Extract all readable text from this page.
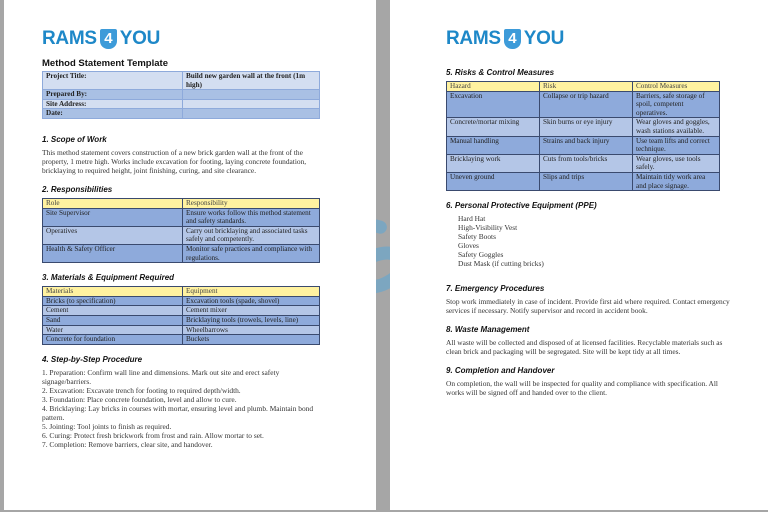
RAMS 4 YOU
Method Statement Template
Project Title:	Build new garden wall at the front (1m high)
Prepared By:	
Site Address:	
Date:	
1. Scope of Work
This method statement covers construction of a new brick garden wall at the front of the property, 1 metre high. Works include excavation for footing, laying concrete foundation, bricklaying to required height, joint finishing, curing, and site clearance.
2. Responsibilities
Role	Responsibility
Site Supervisor	Ensure works follow this method statement and safety standards.
Operatives	Carry out bricklaying and associated tasks safely and competently.
Health & Safety Officer	Monitor safe practices and compliance with regulations.
3. Materials & Equipment Required
Materials	Equipment
Bricks (to specification)	Excavation tools (spade, shovel)
Cement	Cement mixer
Sand	Bricklaying tools (trowels, levels, line)
Water	Wheelbarrows
Concrete for foundation	Buckets
4. Step-by-Step Procedure
1. Preparation: Confirm wall line and dimensions. Mark out site and erect safety signage/barriers.
2. Excavation: Excavate trench for footing to required depth/width.
3. Foundation: Place concrete foundation, level and allow to cure.
4. Bricklaying: Lay bricks in courses with mortar, ensuring level and plumb. Maintain bond pattern.
5. Jointing: Tool joints to finish as required.
6. Curing: Protect fresh brickwork from frost and rain. Allow mortar to set.
7. Completion: Remove barriers, clear site, and handover.
RAMS 4 YOU
5. Risks & Control Measures
Hazard	Risk	Control Measures
Excavation	Collapse or trip hazard	Barriers, safe storage of spoil, competent operatives.
Concrete/mortar mixing	Skin burns or eye injury	Wear gloves and goggles, wash stations available.
Manual handling	Strains and back injury	Use team lifts and correct technique.
Bricklaying work	Cuts from tools/bricks	Wear gloves, use tools safely.
Uneven ground	Slips and trips	Maintain tidy work area and place signage.
6. Personal Protective Equipment (PPE)
Hard Hat
High-Visibility Vest
Safety Boots
Gloves
Safety Goggles
Dust Mask (if cutting bricks)
7. Emergency Procedures
Stop work immediately in case of incident. Provide first aid where required. Contact emergency services if necessary. Notify supervisor and record in accident book.
8. Waste Management
All waste will be collected and disposed of at licensed facilities. Recyclable materials such as clean brick and packaging will be segregated. Site will be kept tidy at all times.
9. Completion and Handover
On completion, the wall will be inspected for quality and compliance with specification. All works will be signed off and handed over to the client.
